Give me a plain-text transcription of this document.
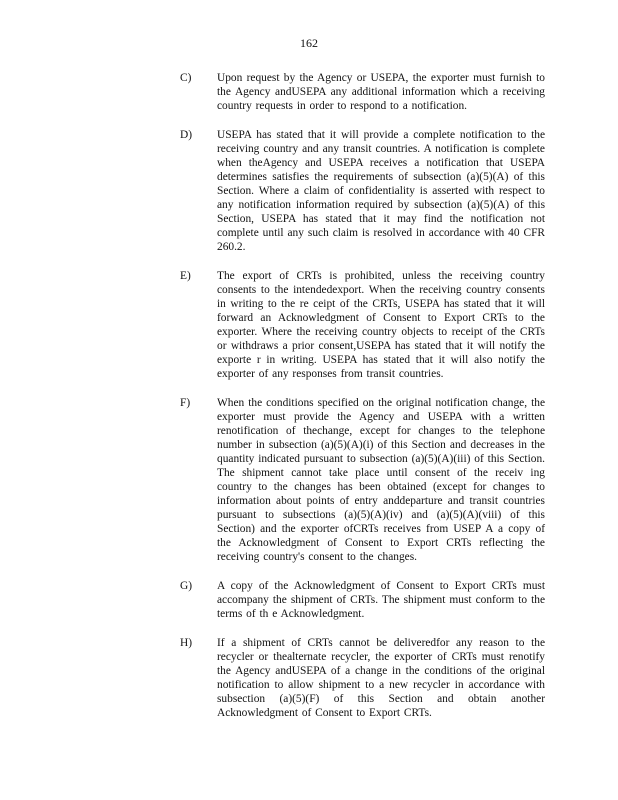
162
C)	Upon request by the Agency or USEPA, the exporter must furnish to the Agency andUSEPA any additional information which a receiving country requests in order to respond to a notification.
D)	USEPA has stated that it will provide a complete notification to the receiving country and any transit countries. A notification is complete when theAgency and USEPA receives a notification that USEPA determines satisfies the requirements of subsection (a)(5)(A) of this Section. Where a claim of confidentiality is asserted with respect to any notification information required by subsection (a)(5)(A) of this Section, USEPA has stated that it may find the notification not complete until any such claim is resolved in accordance with 40 CFR 260.2.
E)	The export of CRTs is prohibited, unless the receiving country consents to the intendedexport. When the receiving country consents in writing to the re ceipt of the CRTs, USEPA has stated that it will forward an Acknowledgment of Consent to Export CRTs to the exporter. Where the receiving country objects to receipt of the CRTs or withdraws a prior consent,USEPA has stated that it will notify the exporte r in writing. USEPA has stated that it will also notify the exporter of any responses from transit countries.
F)	When the conditions specified on the original notification change, the exporter must provide the Agency and USEPA with a written renotification of thechange, except for changes to the telephone number in subsection (a)(5)(A)(i) of this Section and decreases in the quantity indicated pursuant to subsection (a)(5)(A)(iii) of this Section. The shipment cannot take place until consent of the receiv ing country to the changes has been obtained (except for changes to information about points of entry anddeparture and transit countries pursuant to subsections (a)(5)(A)(iv) and (a)(5)(A)(viii) of this Section) and the exporter ofCRTs receives from USEP A a copy of the Acknowledgment of Consent to Export CRTs reflecting the receiving country's consent to the changes.
G)	A copy of the Acknowledgment of Consent to Export CRTs must accompany the shipment of CRTs. The shipment must conform to the terms of th e Acknowledgment.
H)	If a shipment of CRTs cannot be deliveredfor any reason to the recycler or thealternate recycler, the exporter of CRTs must renotify the Agency andUSEPA of a change in the conditions of the original notification to allow shipment to a new recycler in accordance with subsection (a)(5)(F) of this Section and obtain another Acknowledgment of Consent to Export CRTs.
